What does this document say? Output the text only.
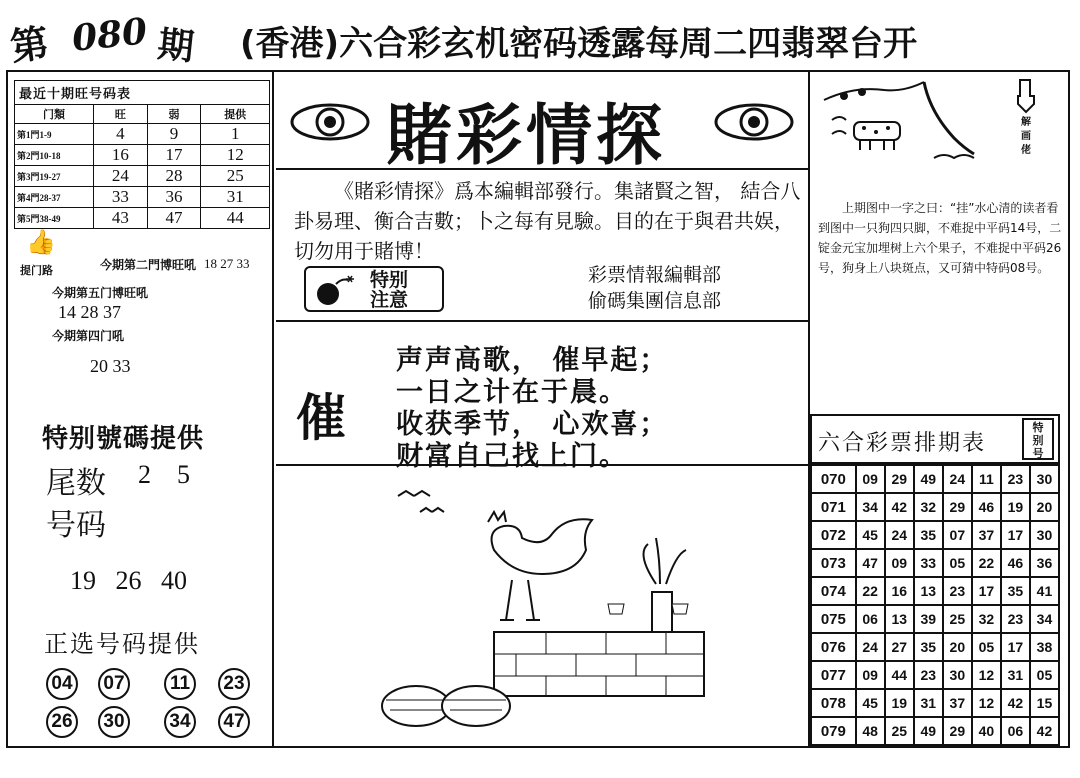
第 080 期 (香港)六合彩玄机密码透露每周二四翡翠台开
最近十期旺号码表
门類	旺	弱	提供
第1門1-9	4	9	1
第2門10-18	16	17	12
第3門19-27	24	28	25
第4門28-37	33	36	31
第5門38-49	43	47	44
👍
提门路	今期第二門博旺吼 18 27 33
今期第五门博旺吼
14 28 37
今期第四门吼
20 33
特别號碼提供
尾数 2    5
号码
19   26   40
正选号码提供
04 07	11	23
26 30 34 47
賭彩情探
《賭彩情探》爲本編輯部發行。集諸賢之智， 結合八卦易理、衡合吉數；卜之每有見驗。目的在于與君共娱，切勿用于賭博！
特别
注意
彩票情報編輯部
偷碼集團信息部
催
声声高歌， 催早起；
一日之计在于晨。
收获季节， 心欢喜；
财富自己找上门。
解
画
佬
上期图中一字之曰：“挂”水心清的读者看到图中一只狗四只脚，不难捉中平码14号，二锭金元宝加埋树上六个果子，不难捉中平码26号，狗身上八块斑点，又可猜中特码08号。
六合彩票排期表
特
别
号
070	09	29	49	24	11	23	30
071	34	42	32	29	46	19	20
072	45	24	35	07	37	17	30
073	47	09	33	05	22	46	36
074	22	16	13	23	17	35	41
075	06	13	39	25	32	23	34
076	24	27	35	20	05	17	38
077	09	44	23	30	12	31	05
078	45	19	31	37	12	42	15
079	48	25	49	29	40	06	42
